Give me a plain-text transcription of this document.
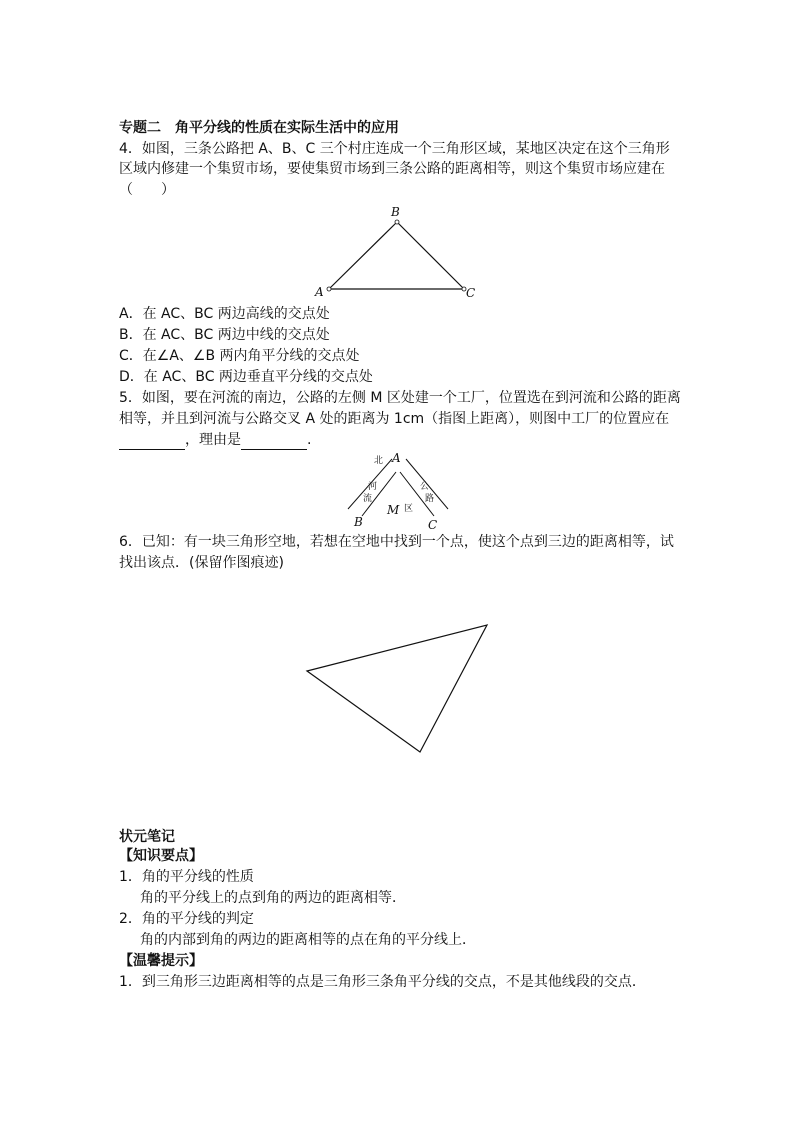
专题二　角平分线的性质在实际生活中的应用

4．如图，三条公路把 A、B、C 三个村庄连成一个三角形区域，某地区决定在这个三角形

区域内修建一个集贸市场，要使集贸市场到三条公路的距离相等，则这个集贸市场应建在

（　　）

B
A	C

A．在 AC、BC 两边高线的交点处

B．在 AC、BC 两边中线的交点处

C．在∠A、∠B 两内角平分线的交点处

D．在 AC、BC 两边垂直平分线的交点处

5．如图，要在河流的南边，公路的左侧 M 区处建一个工厂，位置选在到河流和公路的距离

相等，并且到河流与公路交叉 A 处的距离为 1cm（指图上距离），则图中工厂的位置应在

，理由是	.

北 A
河
流
公
路
M 区
B	C

6．已知：有一块三角形空地，若想在空地中找到一个点，使这个点到三边的距离相等，试

找出该点．(保留作图痕迹)

状元笔记

【知识要点】

1．角的平分线的性质

角的平分线上的点到角的两边的距离相等．

2．角的平分线的判定

角的内部到角的两边的距离相等的点在角的平分线上．

【温馨提示】

1．到三角形三边距离相等的点是三角形三条角平分线的交点，不是其他线段的交点．
